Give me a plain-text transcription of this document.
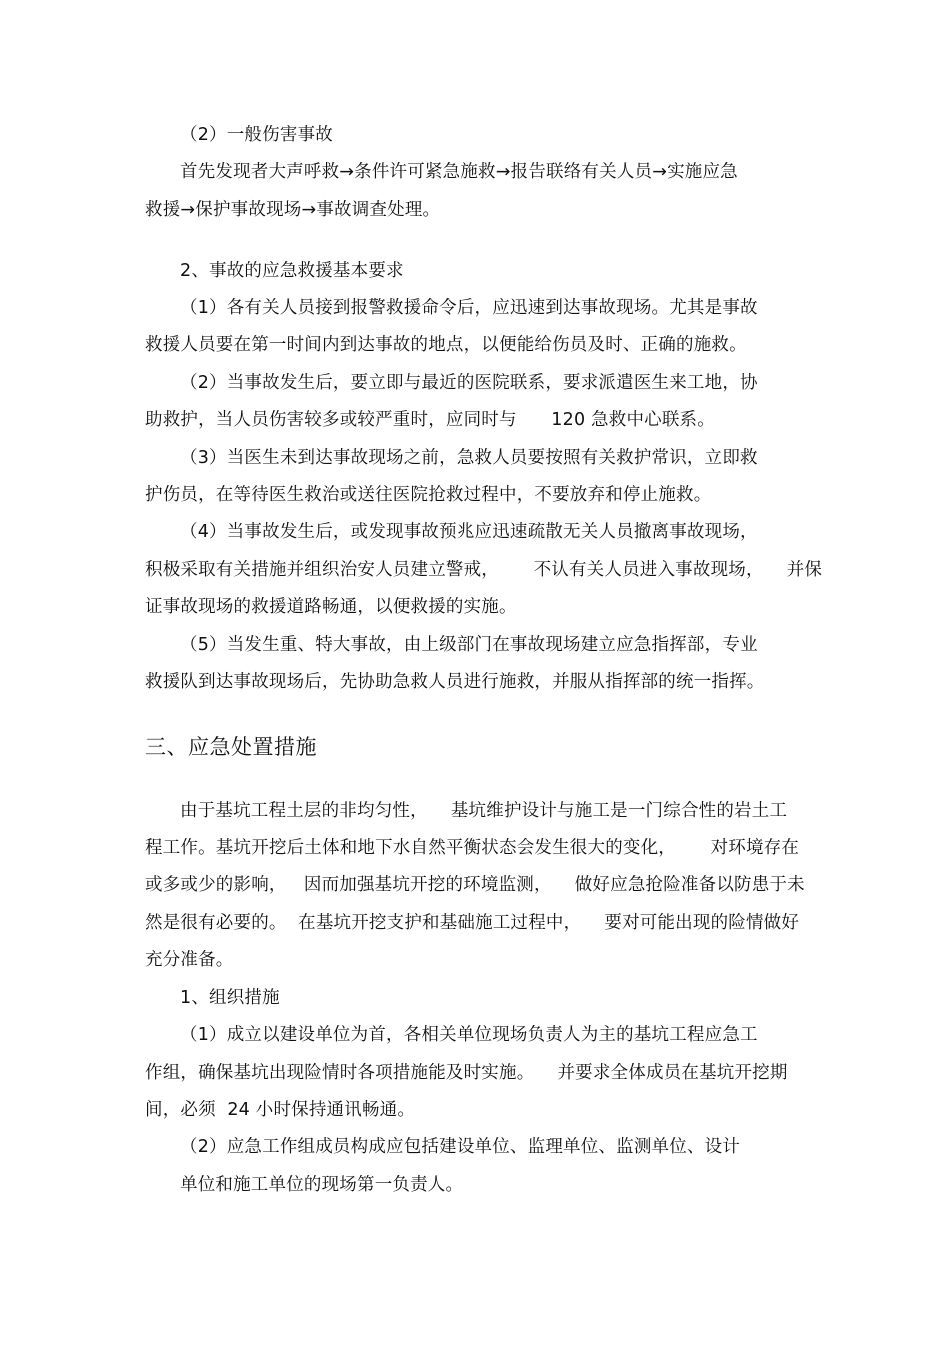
（2）一般伤害事故
首先发现者大声呼救→条件许可紧急施救→报告联络有关人员→实施应急
救援→保护事故现场→事故调查处理。
2、事故的应急救援基本要求
（1）各有关人员接到报警救援命令后，应迅速到达事故现场。尤其是事故
救援人员要在第一时间内到达事故的地点，以便能给伤员及时、正确的施救。
（2）当事故发生后，要立即与最近的医院联系，要求派遣医生来工地，协
助救护，当人员伤害较多或较严重时，应同时与      120 急救中心联系。
（3）当医生未到达事故现场之前，急救人员要按照有关救护常识，立即救
护伤员，在等待医生救治或送往医院抢救过程中，不要放弃和停止施救。
（4）当事故发生后，或发现事故预兆应迅速疏散无关人员撤离事故现场，
积极采取有关措施并组织治安人员建立警戒，      不认有关人员进入事故现场，    并保
证事故现场的救援道路畅通，以便救援的实施。
（5）当发生重、特大事故，由上级部门在事故现场建立应急指挥部，专业
救援队到达事故现场后，先协助急救人员进行施救，并服从指挥部的统一指挥。
三、应急处置措施
由于基坑工程土层的非均匀性，    基坑维护设计与施工是一门综合性的岩土工
程工作。基坑开挖后土体和地下水自然平衡状态会发生很大的变化，      对环境存在
或多或少的影响，   因而加强基坑开挖的环境监测，    做好应急抢险准备以防患于未
然是很有必要的。  在基坑开挖支护和基础施工过程中，    要对可能出现的险情做好
充分准备。
1、组织措施
（1）成立以建设单位为首，各相关单位现场负责人为主的基坑工程应急工
作组，确保基坑出现险情时各项措施能及时实施。    并要求全体成员在基坑开挖期
间，必须  24 小时保持通讯畅通。
（2）应急工作组成员构成应包括建设单位、监理单位、监测单位、设计
单位和施工单位的现场第一负责人。
